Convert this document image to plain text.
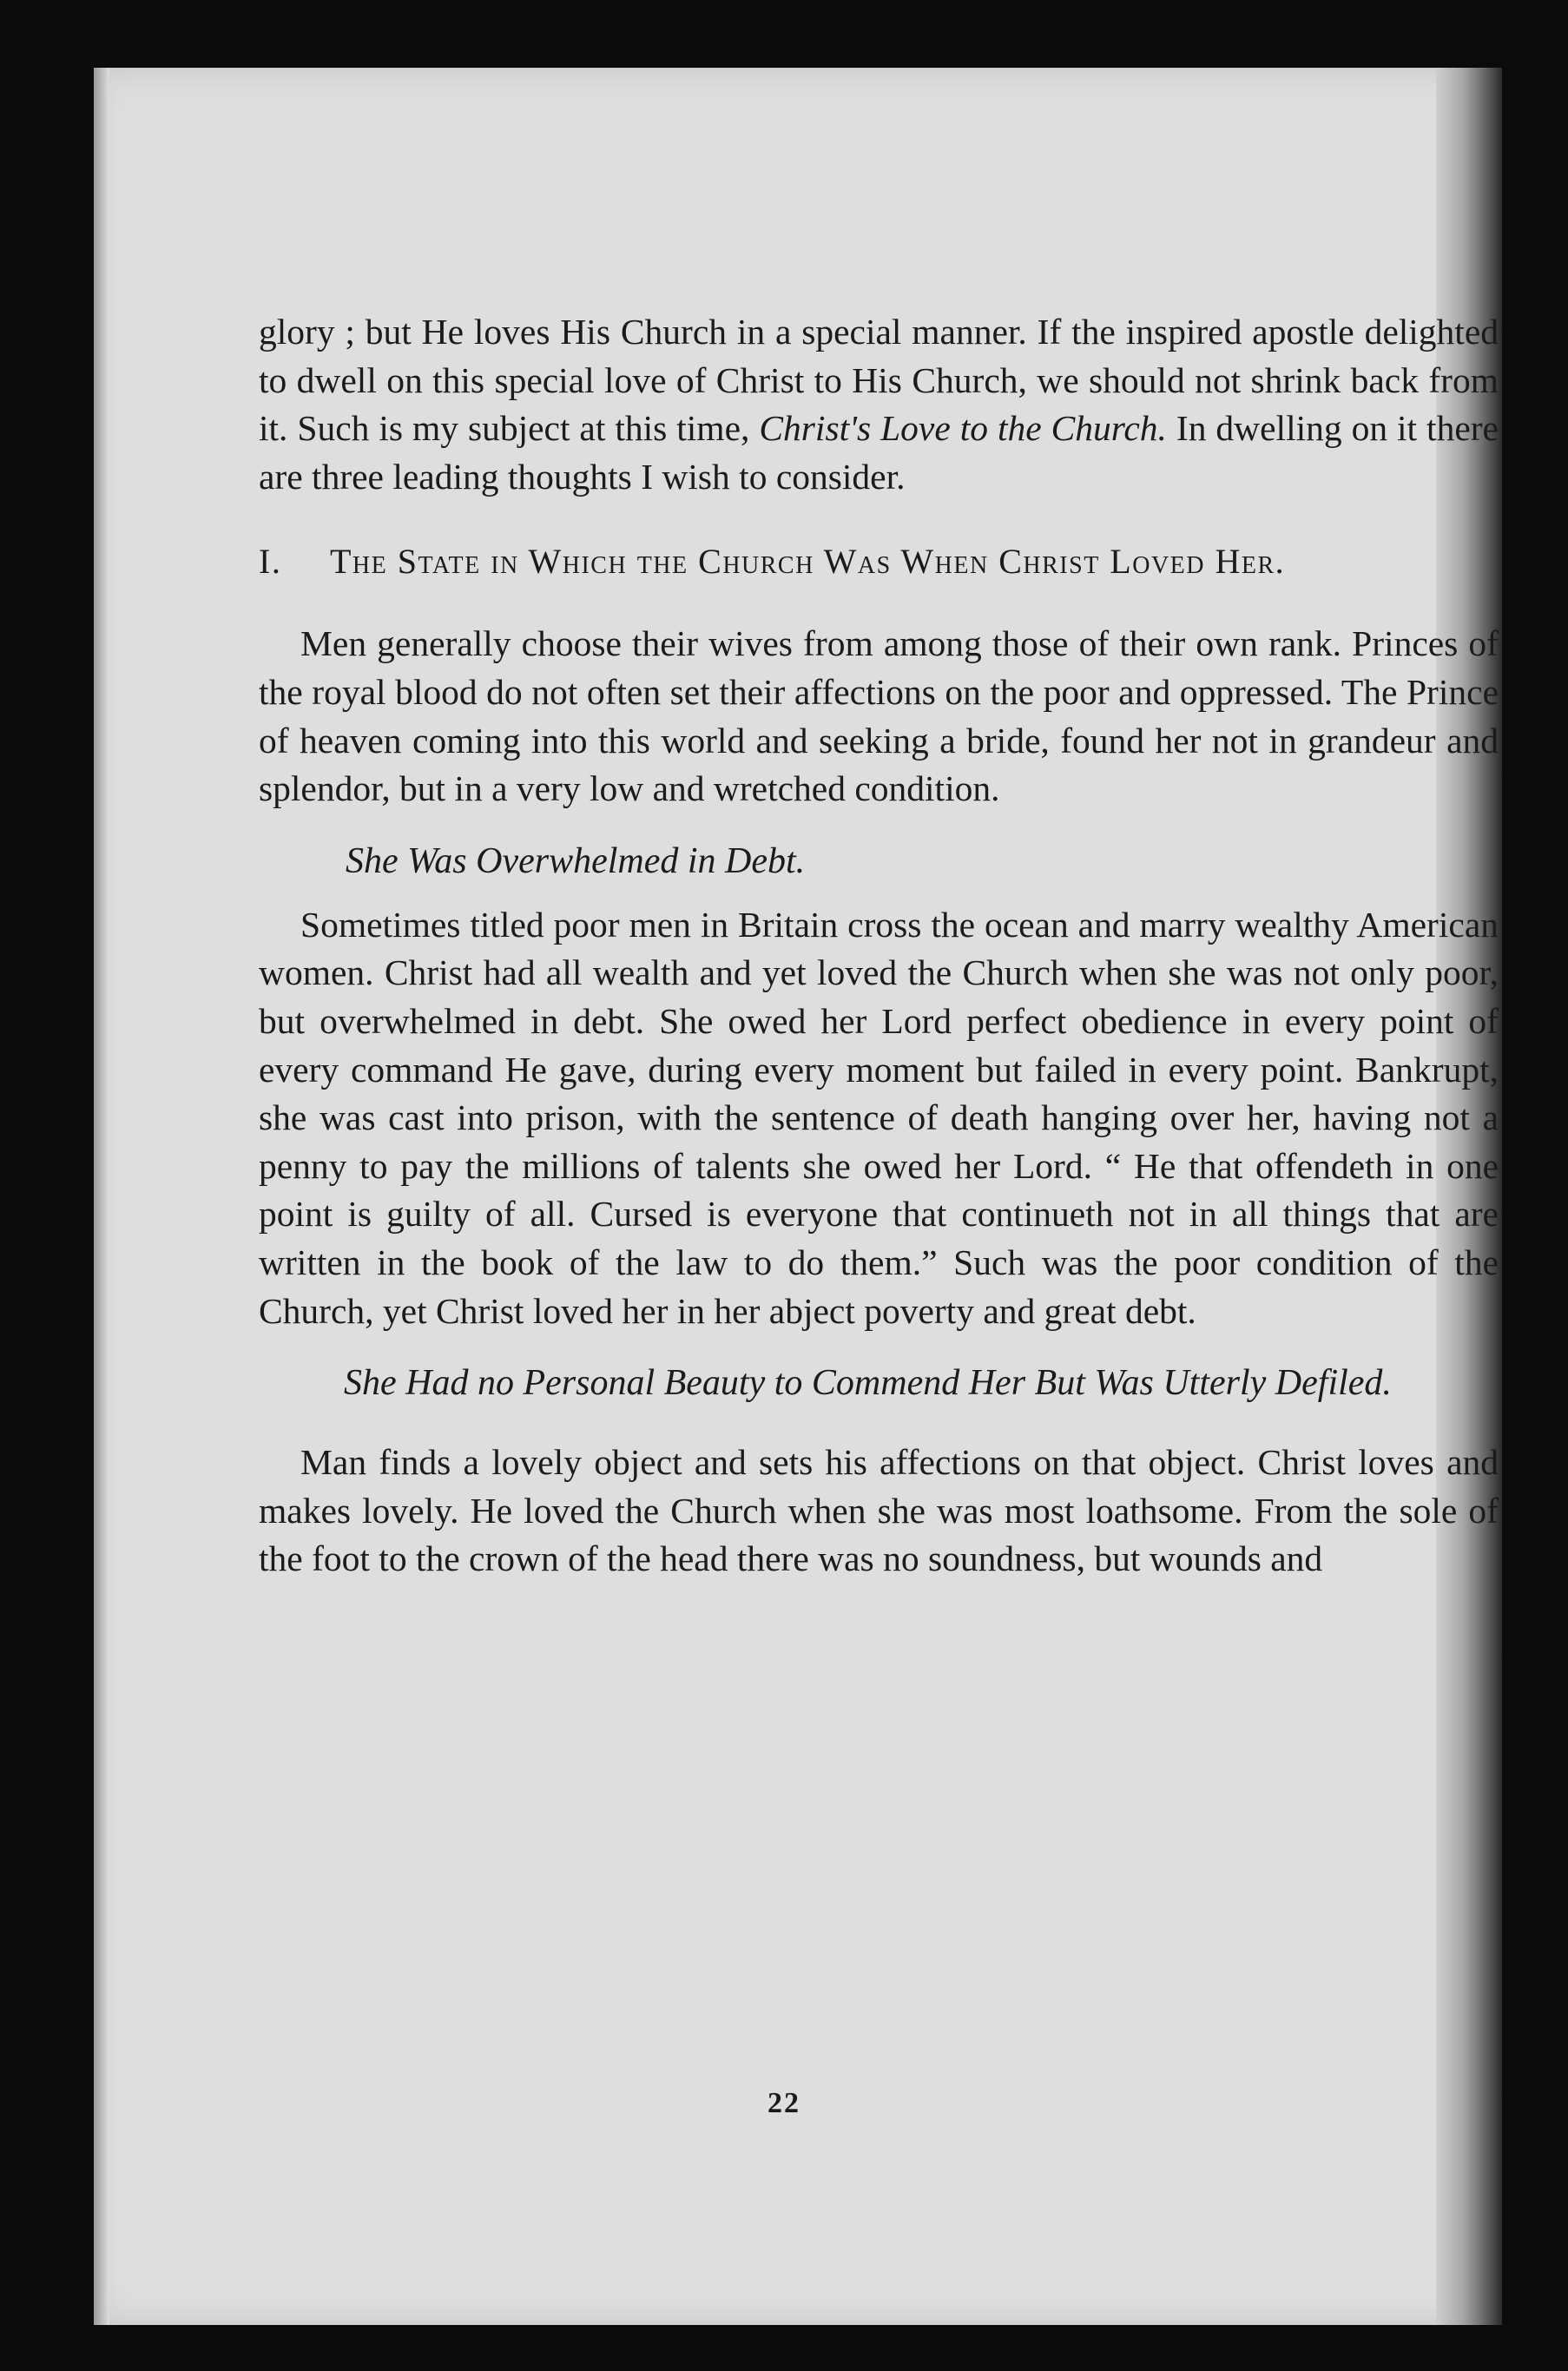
glory ; but He loves His Church in a special manner. If the inspired apostle delighted to dwell on this special love of Christ to His Church, we should not shrink back from it. Such is my subject at this time, Christ's Love to the Church. In dwelling on it there are three leading thoughts I wish to consider.

I. The State in Which the Church Was When Christ Loved Her.

Men generally choose their wives from among those of their own rank. Princes of the royal blood do not often set their affections on the poor and oppressed. The Prince of heaven coming into this world and seeking a bride, found her not in grandeur and splendor, but in a very low and wretched condition.

She Was Overwhelmed in Debt.

Sometimes titled poor men in Britain cross the ocean and marry wealthy American women. Christ had all wealth and yet loved the Church when she was not only poor, but overwhelmed in debt. She owed her Lord perfect obedience in every point of every command He gave, during every moment but failed in every point. Bankrupt, she was cast into prison, with the sentence of death hanging over her, having not a penny to pay the millions of talents she owed her Lord. “ He that offendeth in one point is guilty of all. Cursed is everyone that continueth not in all things that are written in the book of the law to do them.” Such was the poor condition of the Church, yet Christ loved her in her abject poverty and great debt.

She Had no Personal Beauty to Commend Her But Was Utterly Defiled.

Man finds a lovely object and sets his affections on that object. Christ loves and makes lovely. He loved the Church when she was most loathsome. From the sole of the foot to the crown of the head there was no soundness, but wounds and

22
